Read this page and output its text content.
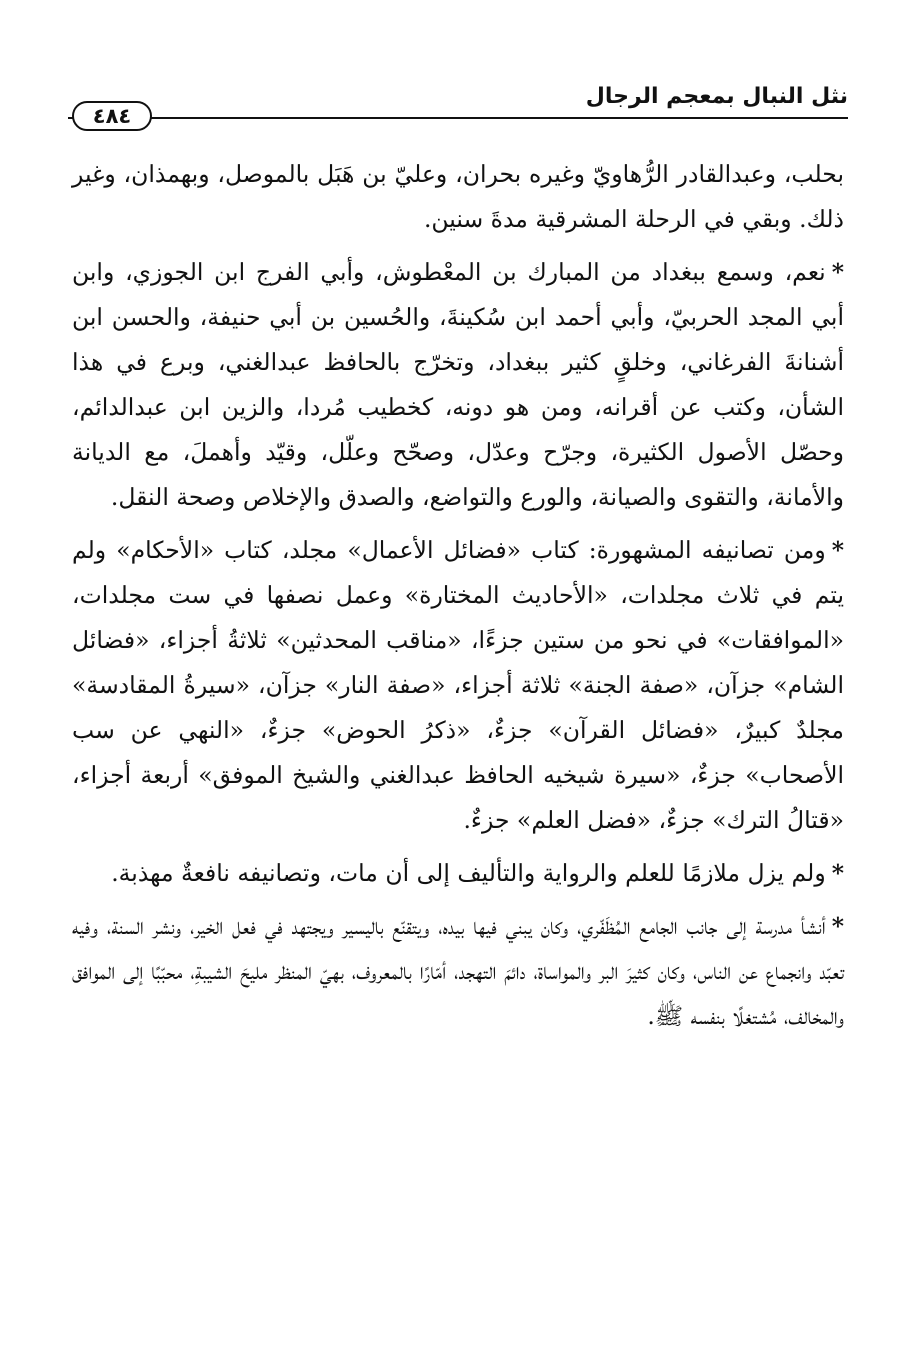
نثل النبال بمعجم الرجال
٤٨٤

بحلب، وعبدالقادر الرُّهاويّ وغيره بحران، وعليّ بن هَبَل بالموصل، وبهمذان، وغير ذلك. وبقي في الرحلة المشرقية مدةَ سنين.

*نعم، وسمع ببغداد من المبارك بن المعْطوش، وأبي الفرج ابن الجوزي، وابن أبي المجد الحربيّ، وأبي أحمد ابن سُكينةَ، والحُسين بن أبي حنيفة، والحسن ابن أشنانةَ الفرغاني، وخلقٍ كثير ببغداد، وتخرّج بالحافظ عبدالغني، وبرع في هذا الشأن، وكتب عن أقرانه، ومن هو دونه، كخطيب مُردا، والزين ابن عبدالدائم، وحصّل الأصول الكثيرة، وجرّح وعدّل، وصحّح وعلّل، وقيّد وأهملَ، مع الديانة والأمانة، والتقوى والصيانة، والورع والتواضع، والصدق والإخلاص وصحة النقل.

*ومن تصانيفه المشهورة: كتاب «فضائل الأعمال» مجلد، كتاب «الأحكام» ولم يتم في ثلاث مجلدات، «الأحاديث المختارة» وعمل نصفها في ست مجلدات، «الموافقات» في نحو من ستين جزءًا، «مناقب المحدثين» ثلاثةُ أجزاء، «فضائل الشام» جزآن، «صفة الجنة» ثلاثة أجزاء، «صفة النار» جزآن، «سيرةُ المقادسة» مجلدٌ كبيرٌ، «فضائل القرآن» جزءٌ، «ذكرُ الحوض» جزءٌ، «النهي عن سب الأصحاب» جزءٌ، «سيرة شيخيه الحافظ عبدالغني والشيخ الموفق» أربعة أجزاء، «قتالُ الترك» جزءٌ، «فضل العلم» جزءٌ.

*ولم يزل ملازمًا للعلم والرواية والتأليف إلى أن مات، وتصانيفه نافعةٌ مهذبة.

*أنشأ مدرسة إلى جانب الجامع المُظَفّري، وكان يبني فيها بيده، ويتقنّع باليسير ويجتهد في فعل الخير، ونشر السنة، وفيه تعبّد وانجماع عن الناس، وكان كثيرَ البر والمواساة، دائمَ التهجد، أمّارًا بالمعروف، بهيّ المنظر مليحَ الشيبةِ، محبّبًا إلى الموافق والمخالف، مُشتغلًا بنفسه ﷺ.
